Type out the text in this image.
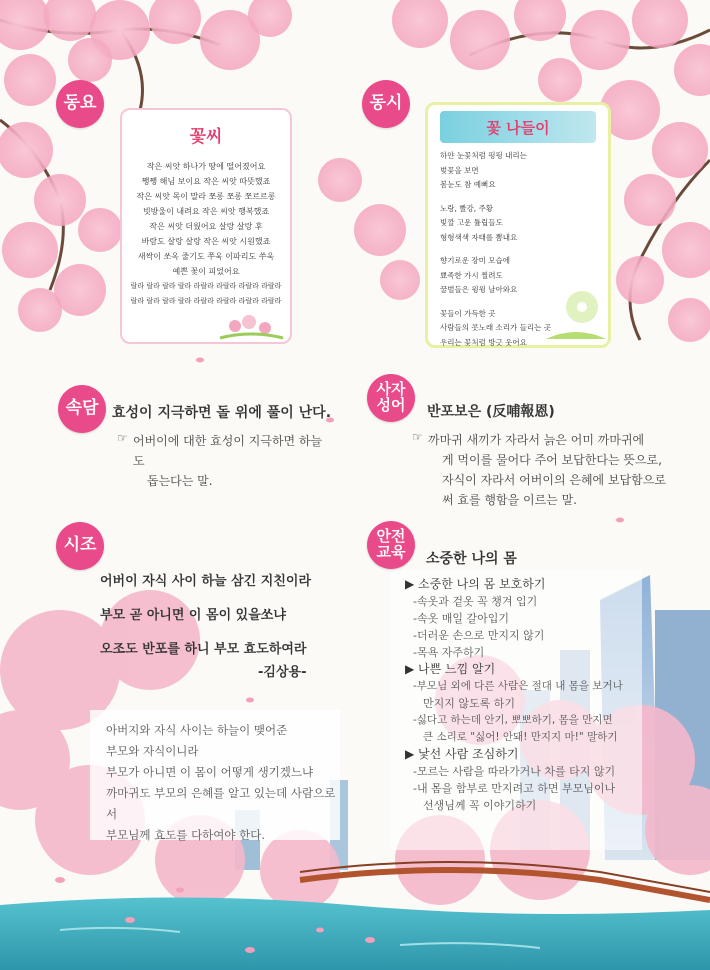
동요
꽃씨
작은 씨앗 하나가 땅에 떨어졌어요
쨍쨍 해님 보이요 작은 씨앗 따뜻했죠
작은 씨앗 목이 말라 쪼롱 쪼롱 쪼르르롱
빗방울이 내려요 작은 씨앗 행복했죠
작은 씨앗 더웠어요 살랑 살랑 후
바람도 살랑 살랑 작은 씨앗 시원했죠
새싹이 쏘옥 줄기도 쭈욱 이파리도 쑤욱
예쁜 꽃이 피었어요
랄라 랄라 랄라 랄라 라랄라 라랄라 라랄라 라랄라
랄라 랄라 랄라 랄라 라랄라 라랄라 라랄라 라랄라
동시
꽃 나들이
하얀 눈꽃처럼 펑펑 내리는
벚꽃을 보면
봄눈도 참 예뻐요
노랑, 빨강, 주황
빛깔 고운 튤립들도
형형색색 자태를 뽐내요
향기로운 장미 모습에
뾰족한 가시 찔려도
꿀벌들은 윙윙 날아와요
꽃들이 가득한 곳
사람들의 콧노래 소리가 들리는 곳
우리는 꽃처럼 방긋 웃어요
속담 효성이 지극하면 돌 위에 풀이 난다.
☞ 어버이에 대한 효성이 지극하면 하늘도
돕는다는 말.
사자
성어 반포보은 (反哺報恩)
☞ 까마귀 새끼가 자라서 늙은 어미 까마귀에
게 먹이를 물어다 주어 보답한다는 뜻으로,
자식이 자라서 어버이의 은혜에 보답함으로
써 효를 행함을 이르는 말.
시조
어버이 자식 사이 하늘 삼긴 지친이라
부모 곧 아니면 이 몸이 있을쏘냐
오조도 반포를 하니 부모 효도하여라
-김상용-
아버지와 자식 사이는 하늘이 맺어준
부모와 자식이니라
부모가 아니면 이 몸이 어떻게 생기겠느냐
까마귀도 부모의 은혜를 알고 있는데 사람으로서
부모님께 효도를 다하여야 한다.
안전
교육 소중한 나의 몸
▶ 소중한 나의 몸 보호하기
-속옷과 겉옷 꼭 챙겨 입기
-속옷 매일 갈아입기
-더러운 손으로 만지지 않기
-목욕 자주하기
▶ 나쁜 느낌 알기
-부모님 외에 다른 사람은 절대 내 몸을 보거나
만지지 않도록 하기
-싫다고 하는데 안기, 뽀뽀하기, 몸을 만지면
큰 소리로 "싫어! 안돼! 만지지 마!" 말하기
▶ 낯선 사람 조심하기
-모르는 사람을 따라가거나 차를 타지 않기
-내 몸을 함부로 만지려고 하면 부모님이나
선생님께 꼭 이야기하기
